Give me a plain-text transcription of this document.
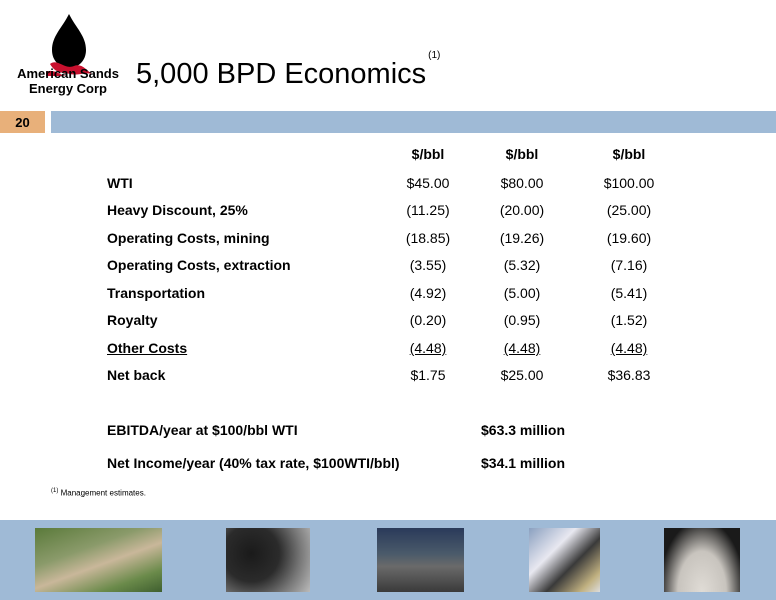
American Sands
Energy Corp	5,000 BPD Economics$^{(1)}$
20
$/bbl	$/bbl	$/bbl
WTI	$45.00	$80.00	$100.00
Heavy Discount, 25%	(11.25)	(20.00)	(25.00)
Operating Costs, mining	(18.85)	(19.26)	(19.60)
Operating Costs, extraction	(3.55)	(5.32)	(7.16)
Transportation	(4.92)	(5.00)	(5.41)
Royalty	(0.20)	(0.95)	(1.52)
Other Costs	(4.48)	(4.48)	(4.48)
Net back	$1.75	$25.00	$36.83
EBITDA/year at $100/bbl WTI	$63.3 million
Net Income/year (40% tax rate, $100WTI/bbl)	$34.1 million
$^{(1)}$ Management estimates.
